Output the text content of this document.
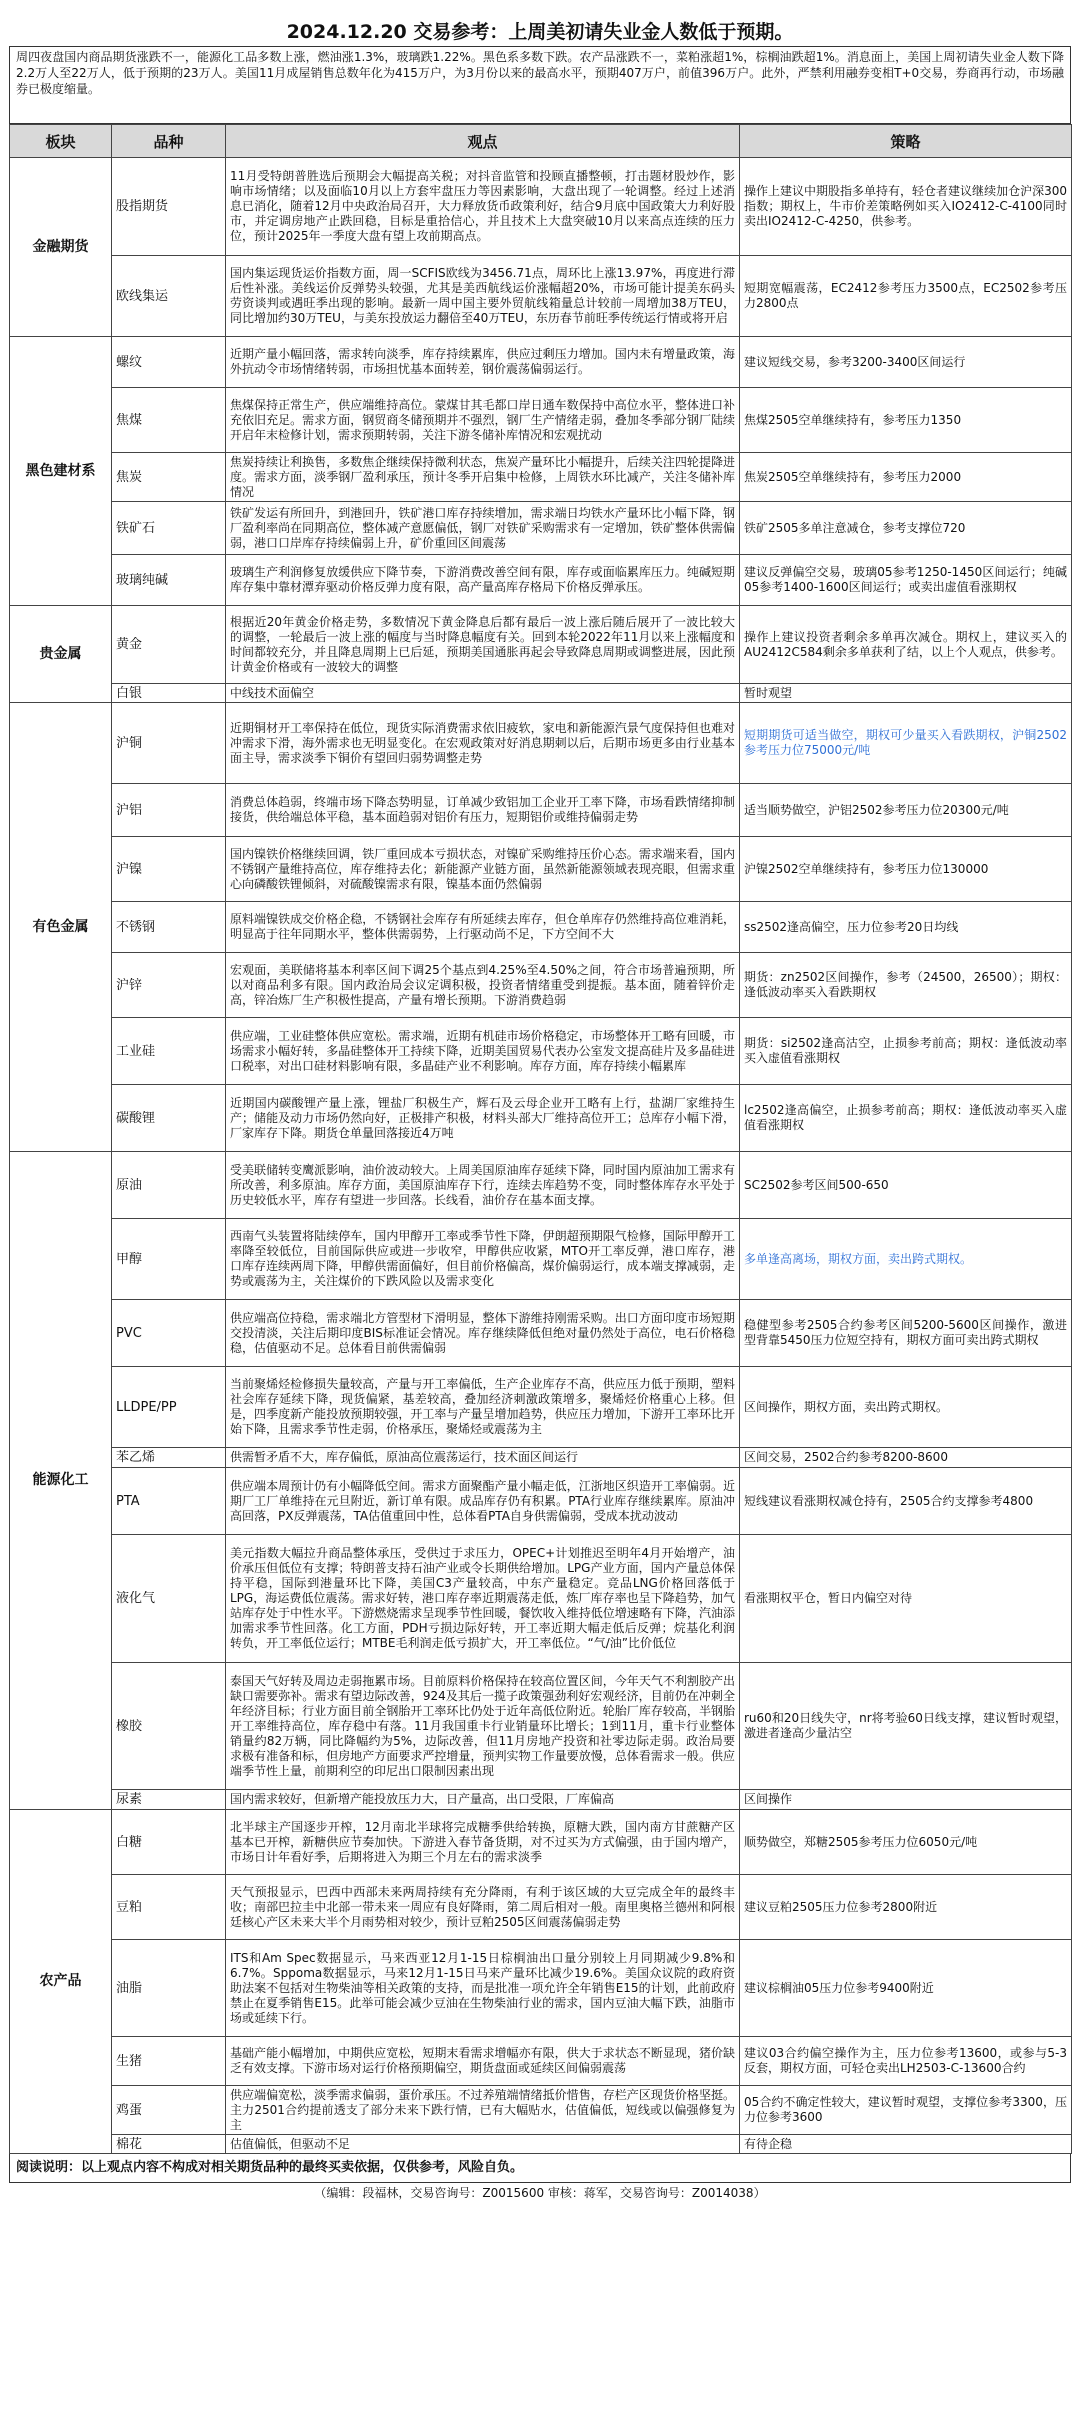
2024.12.20 交易参考：上周美初请失业金人数低于预期。
周四夜盘国内商品期货涨跌不一，能源化工品多数上涨，燃油涨1.3%，玻璃跌1.22%。黑色系多数下跌。农产品涨跌不一，菜粕涨超1%，棕榈油跌超1%。消息面上，美国上周初请失业金人数下降2.2万人至22万人，低于预期的23万人。美国11月成屋销售总数年化为415万户，为3月份以来的最高水平，预期407万户，前值396万户。此外，严禁利用融券变相T+0交易，券商再行动，市场融券已极度缩量。
板块	品种	观点	策略
金融期货	股指期货	11月受特朗普胜选后预期会大幅提高关税；对抖音监管和投顾直播整顿，打击题材股炒作，影响市场情绪；以及面临10月以上方套牢盘压力等因素影响，大盘出现了一轮调整。经过上述消息已消化，随着12月中央政治局召开，大力释放货币政策利好，结合9月底中国政策大力利好股市，并定调房地产止跌回稳，目标是重拾信心，并且技术上大盘突破10月以来高点连续的压力位，预计2025年一季度大盘有望上攻前期高点。	操作上建议中期股指多单持有，轻仓者建议继续加仓沪深300指数；期权上，牛市价差策略例如买入IO2412-C-4100同时卖出IO2412-C-4250，供参考。

	欧线集运	国内集运现货运价指数方面，周一SCFIS欧线为3456.71点，周环比上涨13.97%，再度进行滞后性补涨。美线运价反弹势头较强，尤其是美西航线运价涨幅超20%，市场可能计提美东码头劳资谈判或遇旺季出现的影响。最新一周中国主要外贸航线箱量总计较前一周增加38万TEU，同比增加约30万TEU，与美东投放运力翻倍至40万TEU，东历春节前旺季传统运行情或将开启	短期宽幅震荡，EC2412参考压力3500点，EC2502参考压力2800点

黑色建材系	螺纹	近期产量小幅回落，需求转向淡季，库存持续累库，供应过剩压力增加。国内未有增量政策，海外抗动令市场情绪转弱，市场担忧基本面转差，钢价震荡偏弱运行。	建议短线交易，参考3200-3400区间运行

	焦煤	焦煤保持正常生产，供应端维持高位。蒙煤甘其毛都口岸日通车数保持中高位水平，整体进口补充依旧充足。需求方面，钢贸商冬储预期并不强烈，钢厂生产情绪走弱，叠加冬季部分钢厂陆续开启年末检修计划，需求预期转弱，关注下游冬储补库情况和宏观扰动	焦煤2505空单继续持有，参考压力1350

	焦炭	焦炭持续让利换售，多数焦企继续保持微利状态，焦炭产量环比小幅提升，后续关注四轮提降进度。需求方面，淡季钢厂盈利承压，预计冬季开启集中检修，上周铁水环比减产，关注冬储补库情况	焦炭2505空单继续持有，参考压力2000

	铁矿石	铁矿发运有所回升，到港回升，铁矿港口库存持续增加，需求端日均铁水产量环比小幅下降，钢厂盈利率尚在同期高位，整体减产意愿偏低，钢厂对铁矿采购需求有一定增加，铁矿整体供需偏弱，港口口岸库存持续偏弱上升，矿价重回区间震荡	铁矿2505多单注意减仓，参考支撑位720

	玻璃纯碱	玻璃生产利润修复放缓供应下降节奏，下游消费改善空间有限，库存或面临累库压力。纯碱短期库存集中靠材潭弃驱动价格反弹力度有限，高产量高库存格局下价格反弹承压。	建议反弹偏空交易，玻璃05参考1250-1450区间运行；纯碱05参考1400-1600区间运行；或卖出虚值看涨期权

贵金属	黄金	根据近20年黄金价格走势，多数情况下黄金降息后都有最后一波上涨后随后展开了一波比较大的调整，一轮最后一波上涨的幅度与当时降息幅度有关。回到本轮2022年11月以来上涨幅度和时间都较充分，并且降息周期上已后延，预期美国通胀再起会导致降息周期或调整进展，因此预计黄金价格或有一波较大的调整	操作上建议投资者剩余多单再次减仓。期权上，建议买入的AU2412C584剩余多单获利了结，以上个人观点，供参考。

	白银	中线技术面偏空	暂时观望

有色金属	沪铜	近期铜材开工率保持在低位，现货实际消费需求依旧疲软，家电和新能源汽景气度保持但也难对冲需求下滑，海外需求也无明显变化。在宏观政策对好消息期刺以后，后期市场更多由行业基本面主导，需求淡季下铜价有望回归弱势调整走势	短期期货可适当做空，期权可少量买入看跌期权，沪铜2502参考压力位75000元/吨

	沪铝	消费总体趋弱，终端市场下降态势明显，订单减少致铝加工企业开工率下降，市场看跌情绪抑制接货，供给端总体平稳，基本面趋弱对铝价有压力，短期铝价或维持偏弱走势	适当顺势做空，沪铝2502参考压力位20300元/吨

	沪镍	国内镍铁价格继续回调，铁厂重回成本亏损状态，对镍矿采购维持压价心态。需求端来看，国内不锈钢产量维持高位，库存维持去化；新能源产业链方面，虽然新能源领域表现亮眼，但需求重心向磷酸铁锂倾斜，对硫酸镍需求有限，镍基本面仍然偏弱	沪镍2502空单继续持有，参考压力位130000

	不锈钢	原料端镍铁成交价格企稳，不锈钢社会库存有所延续去库存，但仓单库存仍然维持高位难消耗，明显高于往年同期水平，整体供需弱势，上行驱动尚不足，下方空间不大	ss2502逢高偏空，压力位参考20日均线

	沪锌	宏观面，美联储将基本利率区间下调25个基点到4.25%至4.50%之间，符合市场普遍预期，所以对商品利多有限。国内政治局会议定调积极，投资者情绪重受到提振。基本面，随着锌价走高，锌冶炼厂生产积极性提高，产量有增长预期。下游消费趋弱	期货：zn2502区间操作，参考（24500，26500）；期权：逢低波动率买入看跌期权

	工业硅	供应端，工业硅整体供应宽松。需求端，近期有机硅市场价格稳定，市场整体开工略有回暖，市场需求小幅好转，多晶硅整体开工持续下降，近期美国贸易代表办公室发文提高硅片及多晶硅进口税率，对出口硅材料影响有限，多晶硅产业不利影响。库存方面，库存持续小幅累库	期货：si2502逢高沽空，止损参考前高；期权：逢低波动率买入虚值看涨期权

	碳酸锂	近期国内碳酸锂产量上涨，锂盐厂积极生产，辉石及云母企业开工略有上行，盐湖厂家维持生产；储能及动力市场仍然向好，正极排产积极，材料头部大厂维持高位开工；总库存小幅下滑，厂家库存下降。期货仓单量回落接近4万吨	lc2502逢高偏空，止损参考前高；期权：逢低波动率买入虚值看涨期权

能源化工	原油	受美联储转变鹰派影响，油价波动较大。上周美国原油库存延续下降，同时国内原油加工需求有所改善，利多原油。库存方面，美国原油库存下行，连续去库趋势不变，同时整体库存水平处于历史较低水平，库存有望进一步回落。长线看，油价存在基本面支撑。	SC2502参考区间500-650

	甲醇	西南气头装置将陆续停车，国内甲醇开工率或季节性下降，伊朗超预期限气检修，国际甲醇开工率降至较低位，目前国际供应或进一步收窄，甲醇供应收紧，MTO开工率反弹，港口库存，港口库存连续两周下降，甲醇供需面偏好，但目前价格偏高，煤价偏弱运行，成本端支撑减弱，走势或震荡为主，关注煤价的下跌风险以及需求变化	多单逢高离场，期权方面，卖出跨式期权。

	PVC	供应端高位持稳，需求端北方管型材下滑明显，整体下游维持刚需采购。出口方面印度市场短期交投清淡，关注后期印度BIS标准证会情况。库存继续降低但绝对量仍然处于高位，电石价格稳稳，估值驱动不足。总体看目前供需偏弱	稳健型参考2505合约参考区间5200-5600区间操作，激进型背靠5450压力位短空持有，期权方面可卖出跨式期权

	LLDPE/PP	当前聚烯烃检修损失量较高，产量与开工率偏低，生产企业库存不高，供应压力低于预期，塑料社会库存延续下降，现货偏紧，基差较高，叠加经济刺激政策增多，聚烯烃价格重心上移。但是，四季度新产能投放预期较强，开工率与产量呈增加趋势，供应压力增加，下游开工率环比开始下降，且需求季节性走弱，价格承压，聚烯烃或震荡为主	区间操作，期权方面，卖出跨式期权。

	苯乙烯	供需暂矛盾不大，库存偏低，原油高位震荡运行，技术面区间运行	区间交易，2502合约参考8200-8600

	PTA	供应端本周预计仍有小幅降低空间。需求方面聚酯产量小幅走低，江浙地区织造开工率偏弱。近期厂工厂单维持在元旦附近，新订单有限。成品库存仍有积累。PTA行业库存继续累库。原油冲高回落，PX反弹震荡，TA估值重回中性，总体看PTA自身供需偏弱，受成本扰动波动	短线建议看涨期权减仓持有，2505合约支撑参考4800

	液化气	美元指数大幅拉升商品整体承压，受供过于求压力，OPEC+计划推迟至明年4月开始增产，油价承压但低位有支撑；特朗普支持石油产业或令长期供给增加。LPG产业方面，国内产量总体保持平稳，国际到港量环比下降，美国C3产量较高，中东产量稳定。竞品LNG价格回落低于LPG，海运费低位震荡。需求好转，港口库存率近期震荡走低，炼厂库存率也呈下降趋势，加气站库存处于中性水平。下游燃烧需求呈现季节性回暖，餐饮收入维持低位增速略有下降，汽油添加需求季节性回落。化工方面，PDH亏损边际好转，开工率近期大幅走低后反弹；烷基化利润转负，开工率低位运行；MTBE毛利润走低亏损扩大，开工率低位。“气/油”比价低位	看涨期权平仓，暂日内偏空对待

	橡胶	泰国天气好转及周边走弱拖累市场。目前原料价格保持在较高位置区间，今年天气不利割胶产出缺口需要弥补。需求有望边际改善，924及其后一揽子政策强劲利好宏观经济，目前仍在冲刺全年经济目标；行业方面目前全钢胎开工率环比仍处于近年高低位附近。轮胎厂库存较高，半钢胎开工率维持高位，库存稳中有落。11月我国重卡行业销量环比增长；1到11月，重卡行业整体销量约82万辆，同比降幅约为5%，边际改善，但11月房地产投资和社零边际走弱。政治局要求极有准备和标，但房地产方面要求严控增量，预判实物工作量要放慢，总体看需求一般。供应端季节性上量，前期利空的印尼出口限制因素出现	ru60和20日线失守，nr将考验60日线支撑，建议暂时观望，激进者逢高少量沽空

	尿素	国内需求较好，但新增产能投放压力大，日产量高，出口受限，厂库偏高	区间操作

农产品	白糖	北半球主产国逐步开榨，12月南北半球将完成糖季供给转换，原糖大跌，国内南方甘蔗糖产区基本已开榨，新糖供应节奏加快。下游进入春节备货期，对不过买为方式偏强，由于国内增产，市场日计年看好季，后期将进入为期三个月左右的需求淡季	顺势做空，郑糖2505参考压力位6050元/吨

	豆粕	天气预报显示，巴西中西部未来两周持续有充分降雨，有利于该区域的大豆完成全年的最终丰收；南部巴拉圭中北部一带未来一周应有良好降雨，第二周后相对一般。南里奥格兰德州和阿根廷核心产区未来大半个月雨势相对较少，预计豆粕2505区间震荡偏弱走势	建议豆粕2505压力位参考2800附近

	油脂	ITS和Am Spec数据显示，马来西亚12月1-15日棕榈油出口量分别较上月同期减少9.8%和6.7%。Sppoma数据显示，马来12月1-15日马来产量环比减少19.6%。美国众议院的政府资助法案不包括对生物柴油等相关政策的支持，而是批准一项允许全年销售E15的计划，此前政府禁止在夏季销售E15。此举可能会减少豆油在生物柴油行业的需求，国内豆油大幅下跌，油脂市场或延续下行。	建议棕榈油05压力位参考9400附近

	生猪	基础产能小幅增加，中期供应宽松，短期末看需求增幅亦有限，供大于求状态不断显现，猪价缺乏有效支撑。下游市场对运行价格预期偏空，期货盘面或延续区间偏弱震荡	建议03合约偏空操作为主，压力位参考13600，或参与5-3反套，期权方面，可轻仓卖出LH2503-C-13600合约

	鸡蛋	供应端偏宽松，淡季需求偏弱，蛋价承压。不过养殖端情绪抵价惜售，存栏产区现货价格坚挺。主力2501合约提前透支了部分未来下跌行情，已有大幅贴水，估值偏低，短线或以偏强修复为主	05合约不确定性较大，建议暂时观望，支撑位参考3300，压力位参考3600

	棉花	估值偏低，但驱动不足	有待企稳
阅读说明：以上观点内容不构成对相关期货品种的最终买卖依据，仅供参考，风险自负。
（编辑：段福林，交易咨询号：Z0015600 审核：蒋军，交易咨询号：Z0014038）
